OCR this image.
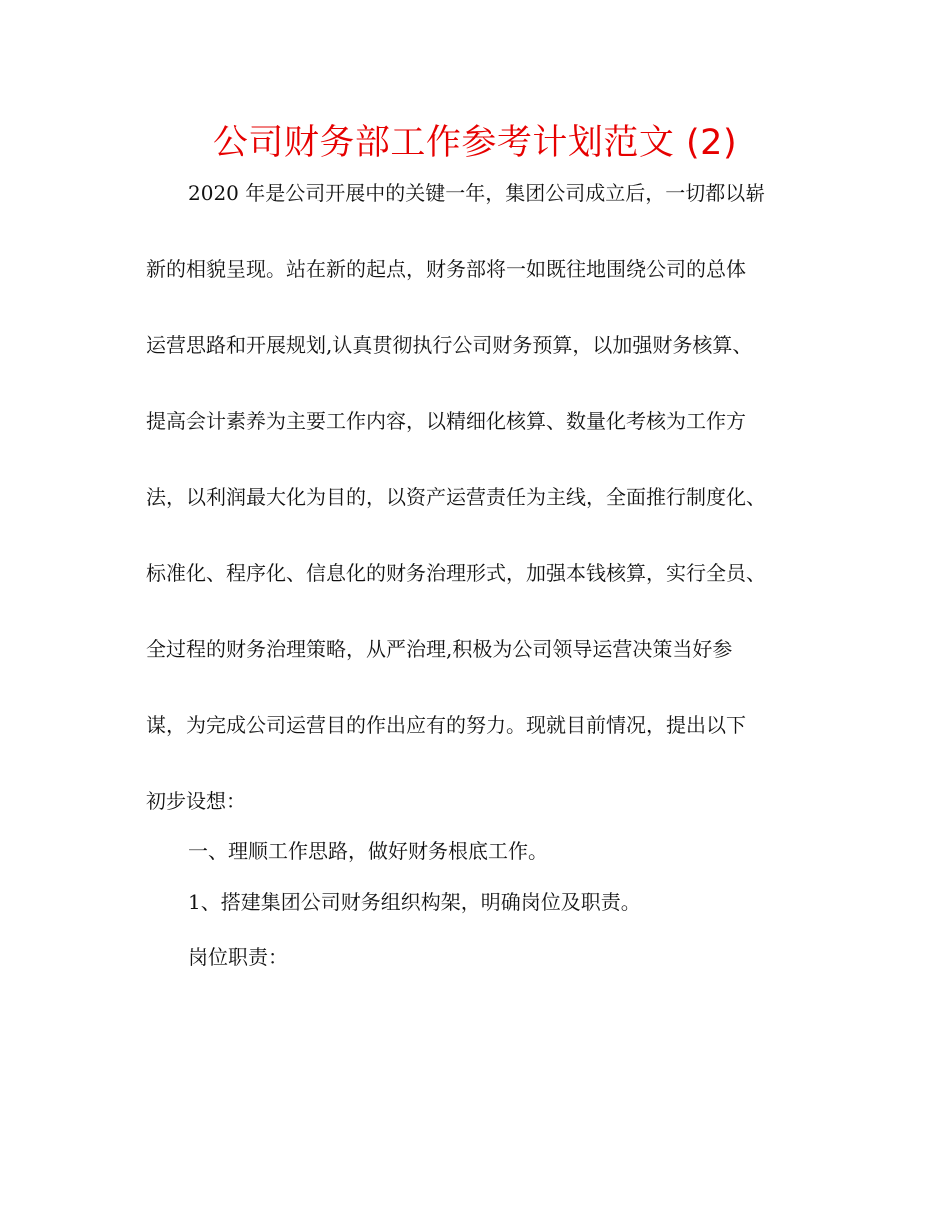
公司财务部工作参考计划范文 (2)
2020 年是公司开展中的关键一年，集团公司成立后，一切都以崭
新的相貌呈现。站在新的起点，财务部将一如既往地围绕公司的总体
运营思路和开展规划,认真贯彻执行公司财务预算，以加强财务核算、
提高会计素养为主要工作内容，以精细化核算、数量化考核为工作方
法，以利润最大化为目的，以资产运营责任为主线，全面推行制度化、
标准化、程序化、信息化的财务治理形式，加强本钱核算，实行全员、
全过程的财务治理策略，从严治理,积极为公司领导运营决策当好参
谋，为完成公司运营目的作出应有的努力。现就目前情况，提出以下
初步设想：
一、理顺工作思路，做好财务根底工作。
1、搭建集团公司财务组织构架，明确岗位及职责。
岗位职责：
